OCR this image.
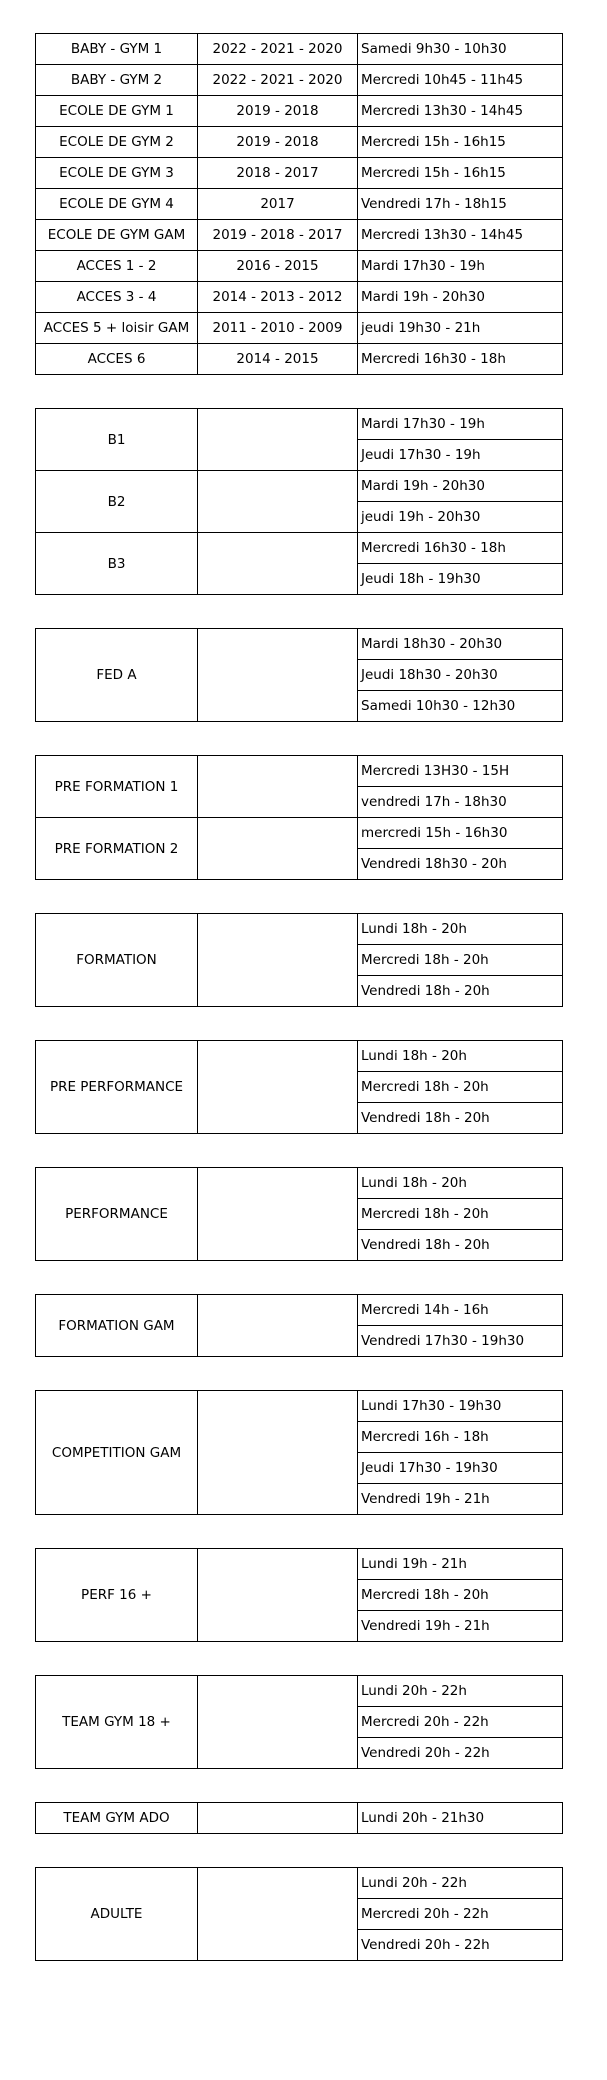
BABY - GYM 1	2022 - 2021 - 2020	Samedi 9h30 - 10h30
BABY - GYM 2	2022 - 2021 - 2020	Mercredi 10h45 - 11h45
ECOLE DE GYM 1	2019 - 2018	Mercredi 13h30 - 14h45
ECOLE DE GYM 2	2019 - 2018	Mercredi 15h - 16h15
ECOLE DE GYM 3	2018 - 2017	Mercredi 15h - 16h15
ECOLE DE GYM 4	2017	Vendredi 17h - 18h15
ECOLE DE GYM GAM	2019 - 2018 - 2017	Mercredi 13h30 - 14h45
ACCES 1 - 2	2016 - 2015	Mardi 17h30 - 19h
ACCES 3 - 4	2014 - 2013 - 2012	Mardi 19h - 20h30
ACCES 5 + loisir GAM	2011 - 2010 - 2009	jeudi 19h30 - 21h
ACCES 6	2014 - 2015	Mercredi 16h30 - 18h
B1		Mardi 17h30 - 19h
		Jeudi 17h30 - 19h
B2		Mardi 19h - 20h30
		jeudi 19h - 20h30
B3		Mercredi 16h30 - 18h
		Jeudi 18h - 19h30
FED A		Mardi 18h30 - 20h30
Jeudi 18h30 - 20h30
Samedi 10h30 - 12h30
PRE FORMATION 1		Mercredi 13H30 - 15H
		vendredi 17h - 18h30
PRE FORMATION 2		mercredi 15h - 16h30
		Vendredi 18h30 - 20h
FORMATION		Lundi 18h - 20h
Mercredi 18h - 20h
Vendredi 18h - 20h
PRE PERFORMANCE		Lundi 18h - 20h
Mercredi 18h - 20h
Vendredi 18h - 20h
PERFORMANCE		Lundi 18h - 20h
Mercredi 18h - 20h
Vendredi 18h - 20h
FORMATION GAM		Mercredi 14h - 16h
Vendredi 17h30 - 19h30
COMPETITION GAM		Lundi 17h30 - 19h30
Mercredi 16h - 18h
Jeudi 17h30 - 19h30
Vendredi 19h - 21h
PERF 16 +		Lundi 19h - 21h
Mercredi 18h - 20h
Vendredi 19h - 21h
TEAM GYM 18 +		Lundi 20h - 22h
Mercredi 20h - 22h
Vendredi 20h - 22h
TEAM GYM ADO		Lundi 20h - 21h30
ADULTE		Lundi 20h - 22h
Mercredi 20h - 22h
Vendredi 20h - 22h
